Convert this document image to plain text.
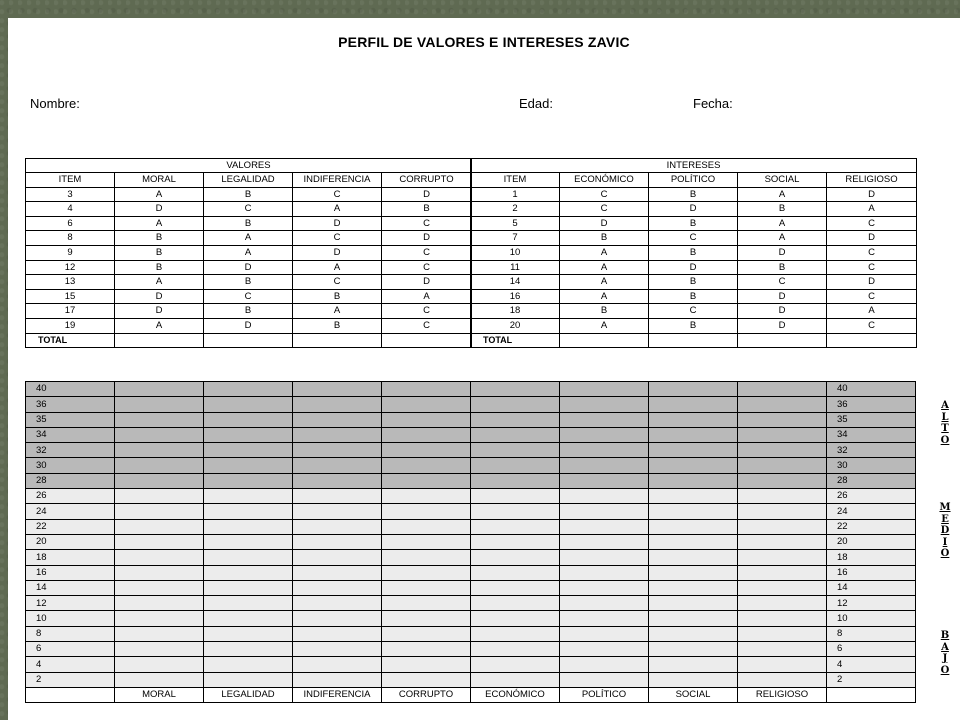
PERFIL DE VALORES E INTERESES ZAVIC
Nombre:	Edad:	Fecha:
VALORES				
ITEM	MORAL	LEGALIDAD	INDIFERENCIA	CORRUPTO
3	A	B	C	D
4	D	C	A	B
6	A	B	D	C
8	B	A	C	D
9	B	A	D	C
12	B	D	A	C
13	A	B	C	D
15	D	C	B	A
17	D	B	A	C
19	A	D	B	C
TOTAL				
INTERESES				
ITEM	ECONÓMICO	POLÍTICO	SOCIAL	RELIGIOSO
1	C	B	A	D
2	C	D	B	A
5	D	B	A	C
7	B	C	A	D
10	A	B	D	C
11	A	D	B	C
14	A	B	C	D
16	A	B	D	C
18	B	C	D	A
20	A	B	D	C
TOTAL				
40									40
36									36
35									35
34									34
32									32
30									30
28									28
26									26
24									24
22									22
20									20
18									18
16									16
14									14
12									12
10									10
8									8
6									6
4									4
2									2
	MORAL	LEGALIDAD	INDIFERENCIA	CORRUPTO	ECONÓMICO	POLÍTICO	SOCIAL	RELIGIOSO	
A
L
T
O
M
E
D
I
O
B
A
J
O
